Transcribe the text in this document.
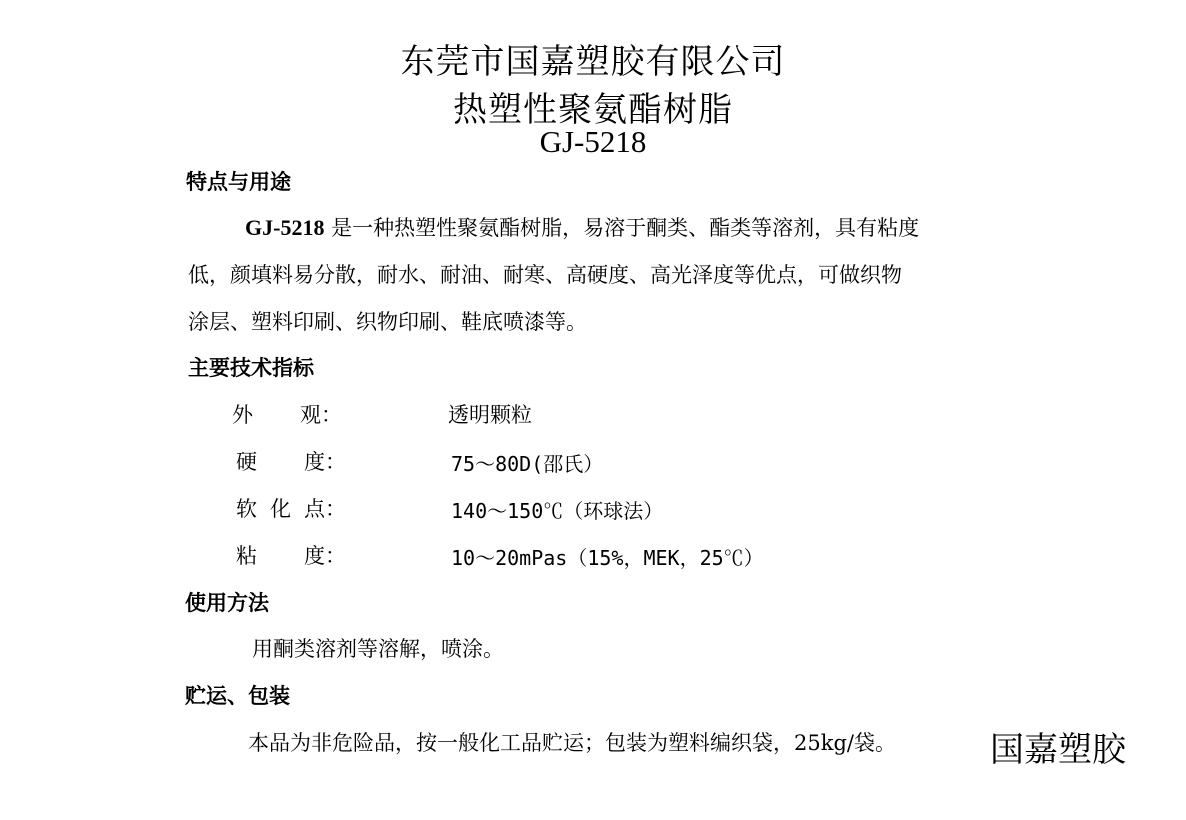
东莞市国嘉塑胶有限公司
热塑性聚氨酯树脂
GJ-5218
特点与用途
GJ-5218 是一种热塑性聚氨酯树脂，易溶于酮类、酯类等溶剂，具有粘度
低，颜填料易分散，耐水、耐油、耐寒、高硬度、高光泽度等优点，可做织物
涂层、塑料印刷、织物印刷、鞋底喷漆等。
主要技术指标
外 观：	透明颗粒
硬 度：	75～80D(邵氏）
软 化 点：	140～150℃（环球法）
粘 度：	10～20mPas（15%，MEK，25℃）
使用方法
用酮类溶剂等溶解，喷涂。
贮运、包装
本品为非危险品，按一般化工品贮运；包装为塑料编织袋，25kg/袋。	国嘉塑胶
